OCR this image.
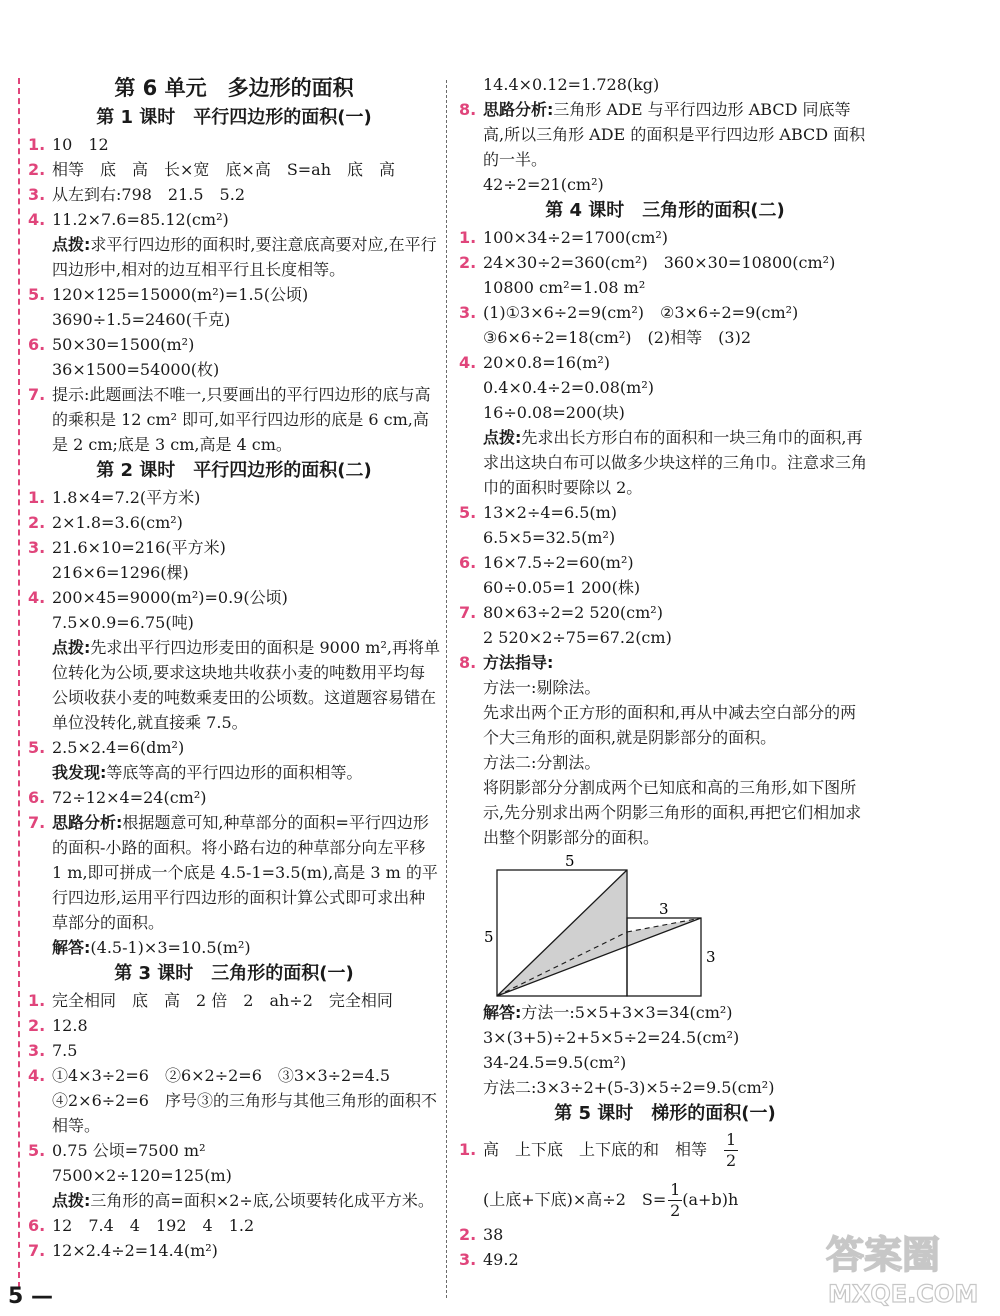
第 6 单元　多边形的面积
第 1 课时　平行四边形的面积(一)
1. 10　12
2. 相等　底　高　长×宽　底×高　S=ah　底　高
3. 从左到右:798　21.5　5.2
4. 11.2×7.6=85.12(cm²)
点拨:求平行四边形的面积时,要注意底高要对应,在平行四边形中,相对的边互相平行且长度相等。
5. 120×125=15000(m²)=1.5(公顷)
3690÷1.5=2460(千克)
6. 50×30=1500(m²)
36×1500=54000(枚)
7. 提示:此题画法不唯一,只要画出的平行四边形的底与高的乘积是 12 cm² 即可,如平行四边形的底是 6 cm,高是 2 cm;底是 3 cm,高是 4 cm。
第 2 课时　平行四边形的面积(二)
1. 1.8×4=7.2(平方米)
2. 2×1.8=3.6(cm²)
3. 21.6×10=216(平方米)
216×6=1296(棵)
4. 200×45=9000(m²)=0.9(公顷)
7.5×0.9=6.75(吨)
点拨:先求出平行四边形麦田的面积是 9000 m²,再将单位转化为公顷,要求这块地共收获小麦的吨数用平均每公顷收获小麦的吨数乘麦田的公顷数。这道题容易错在单位没转化,就直接乘 7.5。
5. 2.5×2.4=6(dm²)
我发现:等底等高的平行四边形的面积相等。
6. 72÷12×4=24(cm²)
7. 思路分析:根据题意可知,种草部分的面积=平行四边形的面积-小路的面积。将小路右边的种草部分向左平移 1 m,即可拼成一个底是 4.5-1=3.5(m),高是 3 m 的平行四边形,运用平行四边形的面积计算公式即可求出种草部分的面积。
解答:(4.5-1)×3=10.5(m²)
第 3 课时　三角形的面积(一)
1. 完全相同　底　高　2 倍　2　ah÷2　完全相同
2. 12.8
3. 7.5
4. ①4×3÷2=6　②6×2÷2=6　③3×3÷2=4.5　④2×6÷2=6　序号③的三角形与其他三角形的面积不相等。
5. 0.75 公顷=7500 m²
7500×2÷120=125(m)
点拨:三角形的高=面积×2÷底,公顷要转化成平方米。
6. 12　7.4　4　192　4　1.2
7. 12×2.4÷2=14.4(m²)
14.4×0.12=1.728(kg)
8. 思路分析:三角形 ADE 与平行四边形 ABCD 同底等高,所以三角形 ADE 的面积是平行四边形 ABCD 面积的一半。
42÷2=21(cm²)
第 4 课时　三角形的面积(二)
1. 100×34÷2=1700(cm²)
2. 24×30÷2=360(cm²)　360×30=10800(cm²)
10800 cm²=1.08 m²
3. (1)①3×6÷2=9(cm²)　②3×6÷2=9(cm²)
③6×6÷2=18(cm²)　(2)相等　(3)2
4. 20×0.8=16(m²)
0.4×0.4÷2=0.08(m²)
16÷0.08=200(块)
点拨:先求出长方形白布的面积和一块三角巾的面积,再求出这块白布可以做多少块这样的三角巾。注意求三角巾的面积时要除以 2。
5. 13×2÷4=6.5(m)
6.5×5=32.5(m²)
6. 16×7.5÷2=60(m²)
60÷0.05=1 200(株)
7. 80×63÷2=2 520(cm²)
2 520×2÷75=67.2(cm)
8. 方法指导:
方法一:剔除法。
先求出两个正方形的面积和,再从中减去空白部分的两个大三角形的面积,就是阴影部分的面积。
方法二:分割法。
将阴影部分分割成两个已知底和高的三角形,如下图所示,先分别求出两个阴影三角形的面积,再把它们相加求出整个阴影部分的面积。
5
5
3
3
解答:方法一:5×5+3×3=34(cm²)
3×(3+5)÷2+5×5÷2=24.5(cm²)
34-24.5=9.5(cm²)
方法二:3×3÷2+(5-3)×5÷2=9.5(cm²)
第 5 课时　梯形的面积(一)
1. 高　上下底　上下底的和　相等 $\frac{1}{2}$
(上底+下底)×高÷2　$S= \frac{1}{2} (a+b)h$
2. 38
3. 49.2
5 —
答案圈
MXQE.COM
